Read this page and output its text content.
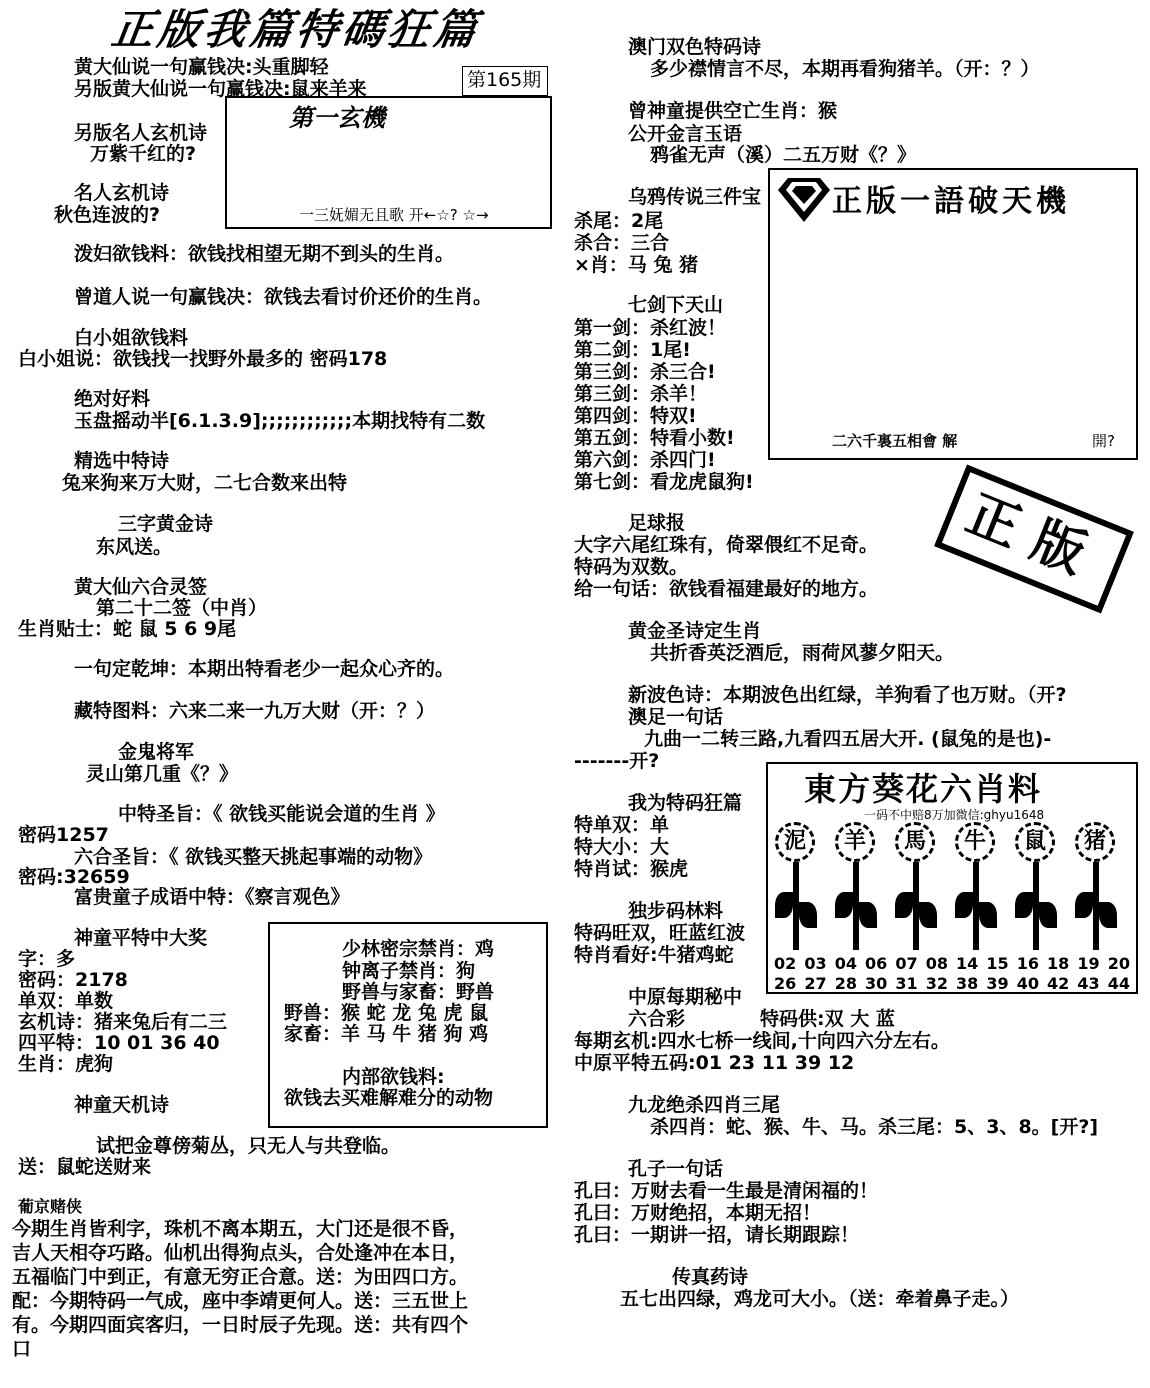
正版我篇特碼狂篇
第165期
黄大仙说一句赢钱决:头重脚轻
另版黄大仙说一句赢钱决:鼠来羊来
另版名人玄机诗
万紫千红的?
名人玄机诗
秋色连波的?
第一玄機
一三妩媚无且歌 开←☆? ☆→
泼妇欲钱料：欲钱找相望无期不到头的生肖。
曾道人说一句赢钱决：欲钱去看讨价还价的生肖。
白小姐欲钱料
白小姐说：欲钱找一找野外最多的 密码178
绝对好料
玉盘摇动半[6.1.3.9];;;;;;;;;;;;本期找特有二数
精选中特诗
兔来狗来万大财，二七合数来出特
三字黄金诗
东风送。
黄大仙六合灵签
第二十二签（中肖）
生肖贴士：蛇 鼠 5 6 9尾
一句定乾坤：本期出特看老少一起众心齐的。
藏特图料：六来二来一九万大财（开：？）
金鬼将军
灵山第几重《？》
中特圣旨：《 欲钱买能说会道的生肖 》
密码1257
六合圣旨：《 欲钱买整天挑起事端的动物》
密码:32659
富贵童子成语中特：《察言观色》
神童平特中大奖
字：多
密码：2178
单双：单数
玄机诗：猪来兔后有二三
四平特：10 01 36 40
生肖：虎狗
神童天机诗
试把金尊傍菊丛，只无人与共登临。
送：鼠蛇送财来
葡京赌侠
今期生肖皆利字，珠机不离本期五，大门还是很不昏，
吉人天相夺巧路。仙机出得狗点头，合处逢冲在本日，
五福临门中到正，有意无穷正合意。送：为田四口方。
配：今期特码一气成，座中李靖更何人。送：三五世上
有。今期四面宾客归，一日时辰子先现。送：共有四个
口
少林密宗禁肖：鸡
钟离子禁肖：狗
野兽与家畜：野兽
野兽：猴 蛇 龙 兔 虎 鼠
家畜：羊 马 牛 猪 狗 鸡
内部欲钱料:
欲钱去买难解难分的动物
澳门双色特码诗
多少襟情言不尽，本期再看狗猪羊。（开：？）
曾神童提供空亡生肖：猴
公开金言玉语
鸦雀无声（溪）二五万财《？》
乌鸦传说三件宝
杀尾：2尾
杀合：三合
×肖：马 兔 猪
七剑下天山
第一剑：杀红波！
第二剑：1尾!
第三剑：杀三合!
第三剑：杀羊！
第四剑：特双!
第五剑：特看小数!
第六剑：杀四门!
第七剑：看龙虎鼠狗!
正版一語破天機
二六千裏五相會 解	開?
正版
足球报
大字六尾红珠有，倚翠偎红不足奇。
特码为双数。
给一句话：欲钱看福建最好的地方。
黄金圣诗定生肖
共折香英泛酒卮，雨荷风蓼夕阳天。
新波色诗：本期波色出红绿，羊狗看了也万财。（开?
澳足一句话
九曲一二转三路,九看四五居大开. (鼠兔的是也)-
-------开?
我为特码狂篇
特单双：单
特大小：大
特肖试：猴虎
独步码林料
特码旺双，旺蓝红波
特肖看好:牛猪鸡蛇
中原每期秘中
六合彩	特码供:双 大 蓝
每期玄机:四水七桥一线间,十向四六分左右。
中原平特五码:01 23 11 39 12
九龙绝杀四肖三尾
杀四肖：蛇、猴、牛、马。杀三尾：5、3、8。[开?]
孔子一句话
孔曰：万财去看一生最是清闲福的！
孔曰：万财绝招，本期无招！
孔曰：一期讲一招，请长期跟踪！
传真药诗
五七出四绿，鸡龙可大小。（送：牵着鼻子走。）
東方葵花六肖料
一码不中赔8万加微信:ghyu1648
泥	羊	馬	牛	鼠	猪
02 03 04 06 07 08 14 15 16 18 19 20
26 27 28 30 31 32 38 39 40 42 43 44
